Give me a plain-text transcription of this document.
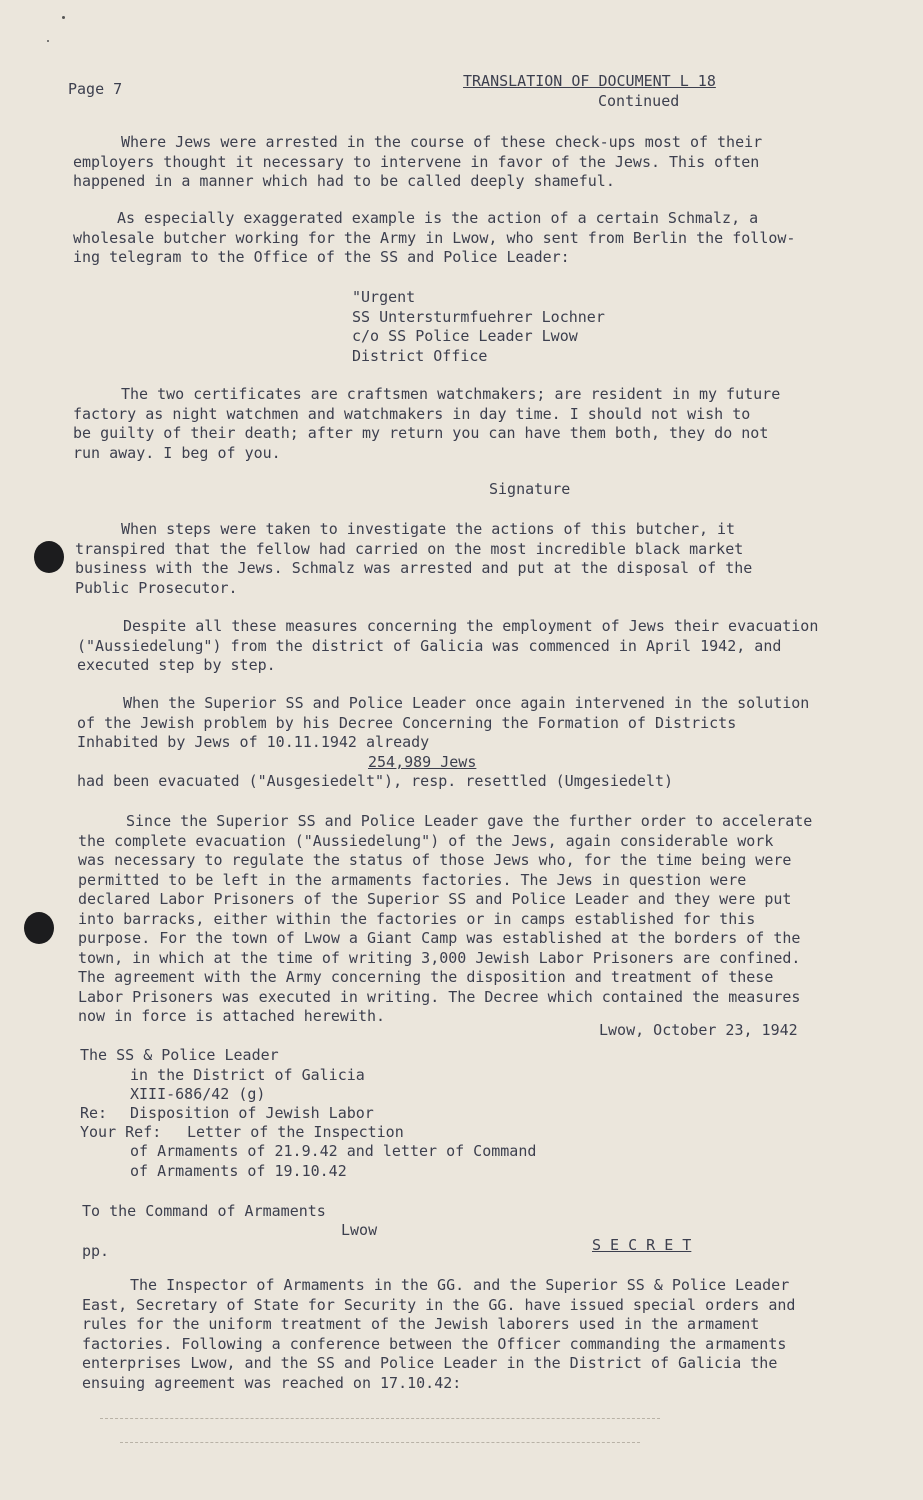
Page 7	TRANSLATION OF DOCUMENT L 18
Continued
Where Jews were arrested in the course of these check-ups most of their
employers thought it necessary to intervene in favor of the Jews. This often
happened in a manner which had to be called deeply shameful.
As especially exaggerated example is the action of a certain Schmalz, a
wholesale butcher working for the Army in Lwow, who sent from Berlin the follow-
ing telegram to the Office of the SS and Police Leader:
"Urgent
SS Untersturmfuehrer Lochner
c/o SS Police Leader Lwow
District Office
The two certificates are craftsmen watchmakers; are resident in my future
factory as night watchmen and watchmakers in day time. I should not wish to
be guilty of their death; after my return you can have them both, they do not
run away. I beg of you.
Signature
When steps were taken to investigate the actions of this butcher, it
transpired that the fellow had carried on the most incredible black market
business with the Jews. Schmalz was arrested and put at the disposal of the
Public Prosecutor.
Despite all these measures concerning the employment of Jews their evacuation
("Aussiedelung") from the district of Galicia was commenced in April 1942, and
executed step by step.
When the Superior SS and Police Leader once again intervened in the solution
of the Jewish problem by his Decree Concerning the Formation of Districts
Inhabited by Jews of 10.11.1942 already
254,989 Jews
had been evacuated ("Ausgesiedelt"), resp. resettled (Umgesiedelt)
Since the Superior SS and Police Leader gave the further order to accelerate
the complete evacuation ("Aussiedelung") of the Jews, again considerable work
was necessary to regulate the status of those Jews who, for the time being were
permitted to be left in the armaments factories. The Jews in question were
declared Labor Prisoners of the Superior SS and Police Leader and they were put
into barracks, either within the factories or in camps established for this
purpose. For the town of Lwow a Giant Camp was established at the borders of the
town, in which at the time of writing 3,000 Jewish Labor Prisoners are confined.
The agreement with the Army concerning the disposition and treatment of these
Labor Prisoners was executed in writing. The Decree which contained the measures
now in force is attached herewith.
Lwow, October 23, 1942
The SS & Police Leader
in the District of Galicia
XIII-686/42 (g)
Re: Disposition of Jewish Labor
Your Ref: Letter of the Inspection
of Armaments of 21.9.42 and letter of Command
of Armaments of 19.10.42
To the Command of Armaments
Lwow
pp.	S E C R E T
The Inspector of Armaments in the GG. and the Superior SS & Police Leader
East, Secretary of State for Security in the GG. have issued special orders and
rules for the uniform treatment of the Jewish laborers used in the armament
factories. Following a conference between the Officer commanding the armaments
enterprises Lwow, and the SS and Police Leader in the District of Galicia the
ensuing agreement was reached on 17.10.42:
